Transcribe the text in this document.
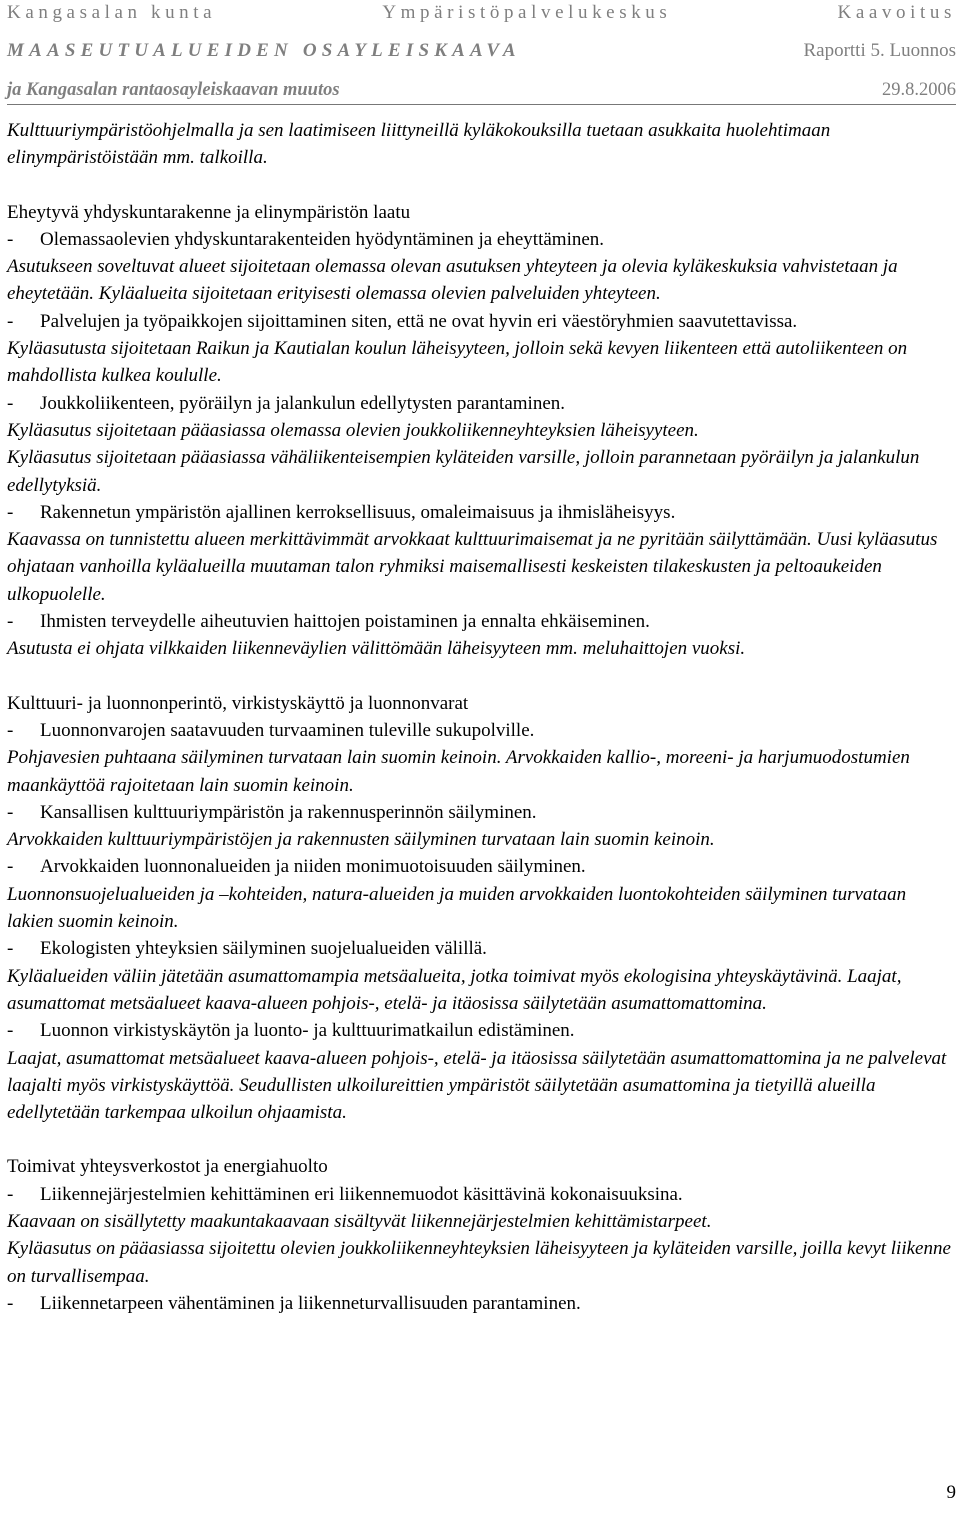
Kangasalan kunta	Ympäristöpalvelukeskus	Kaavoitus
MAASEUTUALUEIDEN OSAYLEISKAAVA	Raportti 5. Luonnos
ja Kangasalan rantaosayleiskaavan muutos	29.8.2006

Kulttuuriympäristöohjelmalla ja sen laatimiseen liittyneillä kyläkokouksilla tuetaan asukkaita huolehtimaan elinympäristöistään mm. talkoilla.

Eheytyvä yhdyskuntarakenne ja elinympäristön laatu

- Olemassaolevien yhdyskuntarakenteiden hyödyntäminen ja eheyttäminen.

Asutukseen soveltuvat alueet sijoitetaan olemassa olevan asutuksen yhteyteen ja olevia kyläkeskuksia vahvistetaan ja eheytetään. Kyläalueita sijoitetaan erityisesti olemassa olevien palveluiden yhteyteen.

- Palvelujen ja työpaikkojen sijoittaminen siten, että ne ovat hyvin eri väestöryhmien saavutettavissa.

Kyläasutusta sijoitetaan Raikun ja Kautialan koulun läheisyyteen, jolloin sekä kevyen liikenteen että autoliikenteen on mahdollista kulkea koululle.

- Joukkoliikenteen, pyöräilyn ja jalankulun edellytysten parantaminen.

Kyläasutus sijoitetaan pääasiassa olemassa olevien joukkoliikenneyhteyksien läheisyyteen.

Kyläasutus sijoitetaan pääasiassa vähäliikenteisempien kyläteiden varsille, jolloin parannetaan pyöräilyn ja jalankulun edellytyksiä.

- Rakennetun ympäristön ajallinen kerroksellisuus, omaleimaisuus ja ihmisläheisyys.

Kaavassa on tunnistettu alueen merkittävimmät arvokkaat kulttuurimaisemat ja ne pyritään säilyttämään. Uusi kyläasutus ohjataan vanhoilla kyläalueilla muutaman talon ryhmiksi maisemallisesti keskeisten tilakeskusten ja peltoaukeiden ulkopuolelle.

- Ihmisten terveydelle aiheutuvien haittojen poistaminen ja ennalta ehkäiseminen.

Asutusta ei ohjata vilkkaiden liikenneväylien välittömään läheisyyteen mm. meluhaittojen vuoksi.

Kulttuuri- ja luonnonperintö, virkistyskäyttö ja luonnonvarat

- Luonnonvarojen saatavuuden turvaaminen tuleville sukupolville.

Pohjavesien puhtaana säilyminen turvataan lain suomin keinoin. Arvokkaiden kallio-, moreeni- ja harjumuodostumien maankäyttöä rajoitetaan lain suomin keinoin.

- Kansallisen kulttuuriympäristön ja rakennusperinnön säilyminen.

Arvokkaiden kulttuuriympäristöjen ja rakennusten säilyminen turvataan lain suomin keinoin.

- Arvokkaiden luonnonalueiden ja niiden monimuotoisuuden säilyminen.

Luonnonsuojelualueiden ja –kohteiden, natura-alueiden ja muiden arvokkaiden luontokohteiden säilyminen turvataan lakien suomin keinoin.

- Ekologisten yhteyksien säilyminen suojelualueiden välillä.

Kyläalueiden väliin jätetään asumattomampia metsäalueita, jotka toimivat myös ekologisina yhteyskäytävinä. Laajat, asumattomat metsäalueet kaava-alueen pohjois-, etelä- ja itäosissa säilytetään asumattomattomina.

- Luonnon virkistyskäytön ja luonto- ja kulttuurimatkailun edistäminen.

Laajat, asumattomat metsäalueet kaava-alueen pohjois-, etelä- ja itäosissa säilytetään asumattomattomina ja ne palvelevat laajalti myös virkistyskäyttöä. Seudullisten ulkoilureittien ympäristöt säilytetään asumattomina ja tietyillä alueilla edellytetään tarkempaa ulkoilun ohjaamista.

Toimivat yhteysverkostot ja energiahuolto

- Liikennejärjestelmien kehittäminen eri liikennemuodot käsittävinä kokonaisuuksina.

Kaavaan on sisällytetty maakuntakaavaan sisältyvät liikennejärjestelmien kehittämistarpeet.

Kyläasutus on pääasiassa sijoitettu olevien joukkoliikenneyhteyksien läheisyyteen ja kyläteiden varsille, joilla kevyt liikenne on turvallisempaa.

- Liikennetarpeen vähentäminen ja liikenneturvallisuuden parantaminen.

9
